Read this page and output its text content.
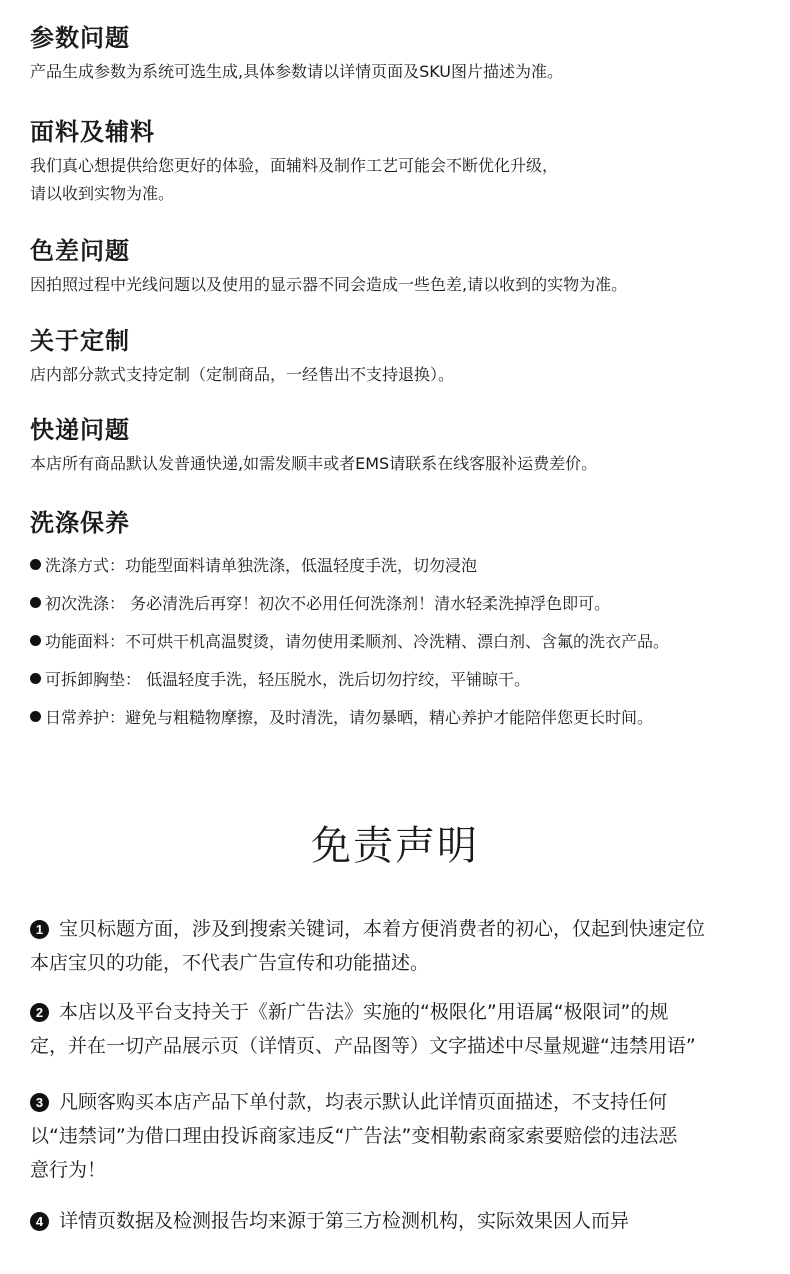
参数问题

产品生成参数为系统可选生成,具体参数请以详情页面及SKU图片描述为准。

面料及辅料

我们真心想提供给您更好的体验，面辅料及制作工艺可能会不断优化升级，
请以收到实物为准。

色差问题

因拍照过程中光线问题以及使用的显示器不同会造成一些色差,请以收到的实物为准。

关于定制

店内部分款式支持定制（定制商品，一经售出不支持退换）。

快递问题

本店所有商品默认发普通快递,如需发顺丰或者EMS请联系在线客服补运费差价。

洗涤保养
洗涤方式：功能型面料请单独洗涤，低温轻度手洗，切勿浸泡
初次洗涤： 务必清洗后再穿！初次不必用任何洗涤剂！清水轻柔洗掉浮色即可。
功能面料：不可烘干机高温熨烫，请勿使用柔顺剂、冷洗精、漂白剂、含氟的洗衣产品。
可拆卸胸垫： 低温轻度手洗，轻压脱水，洗后切勿拧绞，平铺晾干。
日常养护：避免与粗糙物摩擦，及时清洗，请勿暴晒，精心养护才能陪伴您更长时间。
免责声明
1 宝贝标题方面，涉及到搜索关键词，本着方便消费者的初心，仅起到快速定位
本店宝贝的功能，不代表广告宣传和功能描述。
2 本店以及平台支持关于《新广告法》实施的“极限化”用语属“极限词”的规
定，并在一切产品展示页（详情页、产品图等）文字描述中尽量规避“违禁用语”
3 凡顾客购买本店产品下单付款，均表示默认此详情页面描述，不支持任何
以“违禁词”为借口理由投诉商家违反“广告法”变相勒索商家索要赔偿的违法恶
意行为！
4 详情页数据及检测报告均来源于第三方检测机构，实际效果因人而异
